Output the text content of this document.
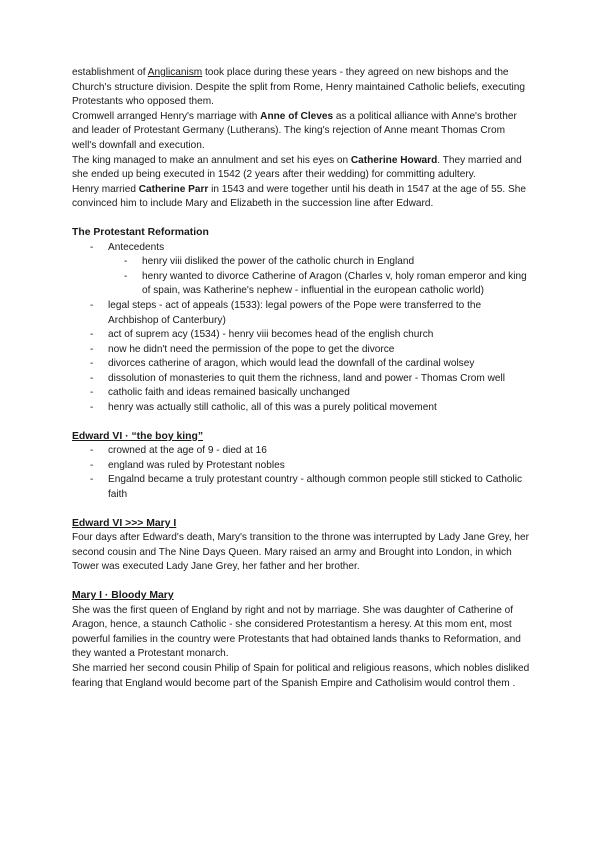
establishment of Anglicanism took place during these years - they agreed on new bishops and the Church's structure division. Despite the split from Rome, Henry maintained Catholic beliefs, executing Protestants who opposed them.

Cromwell arranged Henry's marriage with Anne of Cleves as a political alliance with Anne's brother and leader of Protestant Germany (Lutherans). The king's rejection of Anne meant Thomas Crom well's downfall and execution.

The king managed to make an annulment and set his eyes on Catherine Howard. They married and she ended up being executed in 1542 (2 years after their wedding) for committing adultery.

Henry married Catherine Parr in 1543 and were together until his death in 1547 at the age of 55. She convinced him to include Mary and Elizabeth in the succession line after Edward.

The Protestant Reformation
- Antecedents
- henry viii disliked the power of the catholic church in England
- henry wanted to divorce Catherine of Aragon (Charles v, holy roman emperor and king of spain, was Katherine's nephew - influential in the european catholic world)
- legal steps - act of appeals (1533): legal powers of the Pope were transferred to the Archbishop of Canterbury)
- act of suprem acy (1534) - henry viii becomes head of the english church
- now he didn't need the permission of the pope to get the divorce
- divorces catherine of aragon, which would lead the downfall of the cardinal wolsey
- dissolution of monasteries to quit them the richness, land and power - Thomas Crom well
- catholic faith and ideas remained basically unchanged
- henry was actually still catholic, all of this was a purely political movement
Edward VI · “the boy king”
- crowned at the age of 9 - died at 16
- england was ruled by Protestant nobles
- Engalnd became a truly protestant country - although common people still sticked to Catholic faith
Edward VI >>> Mary I

Four days after Edward's death, Mary's transition to the throne was interrupted by Lady Jane Grey, her second cousin and The Nine Days Queen. Mary raised an army and Brought into London, in which Tower was executed Lady Jane Grey, her father and her brother.

Mary I · Bloody Mary

She was the first queen of England by right and not by marriage. She was daughter of Catherine of Aragon, hence, a staunch Catholic - she considered Protestantism a heresy. At this mom ent, most powerful families in the country were Protestants that had obtained lands thanks to Reformation, and they wanted a Protestant monarch.

She married her second cousin Philip of Spain for political and religious reasons, which nobles disliked fearing that England would become part of the Spanish Empire and Catholisim would control them .
